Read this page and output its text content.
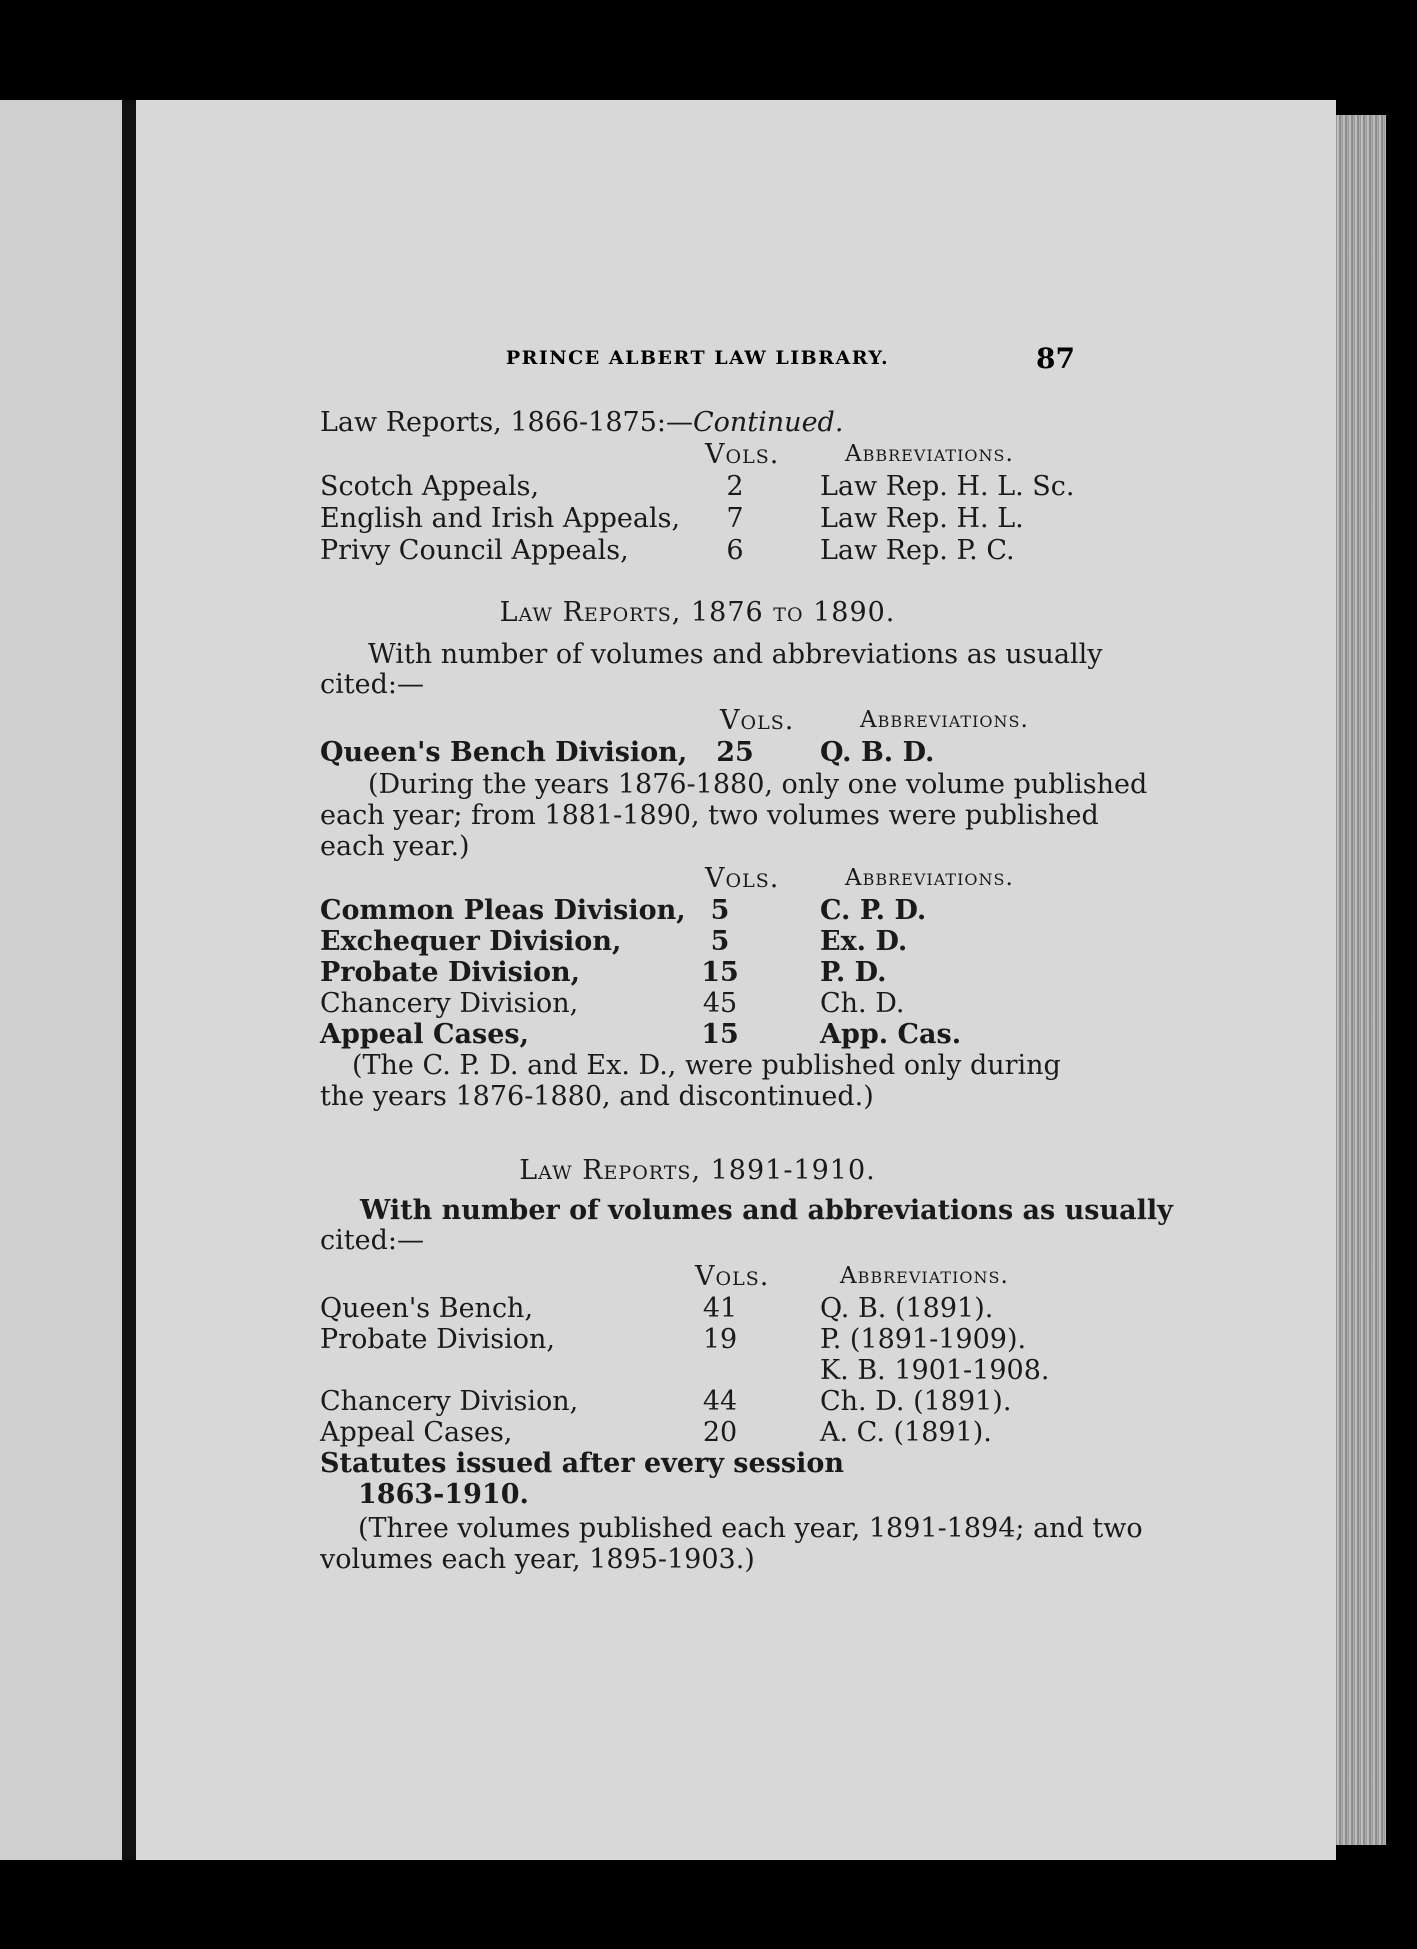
PRINCE ALBERT LAW LIBRARY.	87
Law Reports, 1866-1875:—Continued.
Vols.	Abbreviations.
Scotch Appeals,	2	Law Rep. H. L. Sc.
English and Irish Appeals,	7	Law Rep. H. L.
Privy Council Appeals,	6	Law Rep. P. C.
Law Reports, 1876 to 1890.
With number of volumes and abbreviations as usually
cited:—
Vols.	Abbreviations.
Queen's Bench Division,	25	Q. B. D.
(During the years 1876-1880, only one volume published
each year; from 1881-1890, two volumes were published
each year.)
Vols.	Abbreviations.
Common Pleas Division, 5	C. P. D.
Exchequer Division,	5	Ex. D.
Probate Division,	15	P. D.
Chancery Division,	45	Ch. D.
Appeal Cases,	15	App. Cas.
(The C. P. D. and Ex. D., were published only during
the years 1876-1880, and discontinued.)
Law Reports, 1891-1910.
With number of volumes and abbreviations as usually
cited:—
Vols.	Abbreviations.
Queen's Bench,	41	Q. B. (1891).
Probate Division,	19	P. (1891-1909).
K. B. 1901-1908.
Chancery Division,	44	Ch. D. (1891).
Appeal Cases,	20	A. C. (1891).
Statutes issued after every session
1863-1910.
(Three volumes published each year, 1891-1894; and two
volumes each year, 1895-1903.)
